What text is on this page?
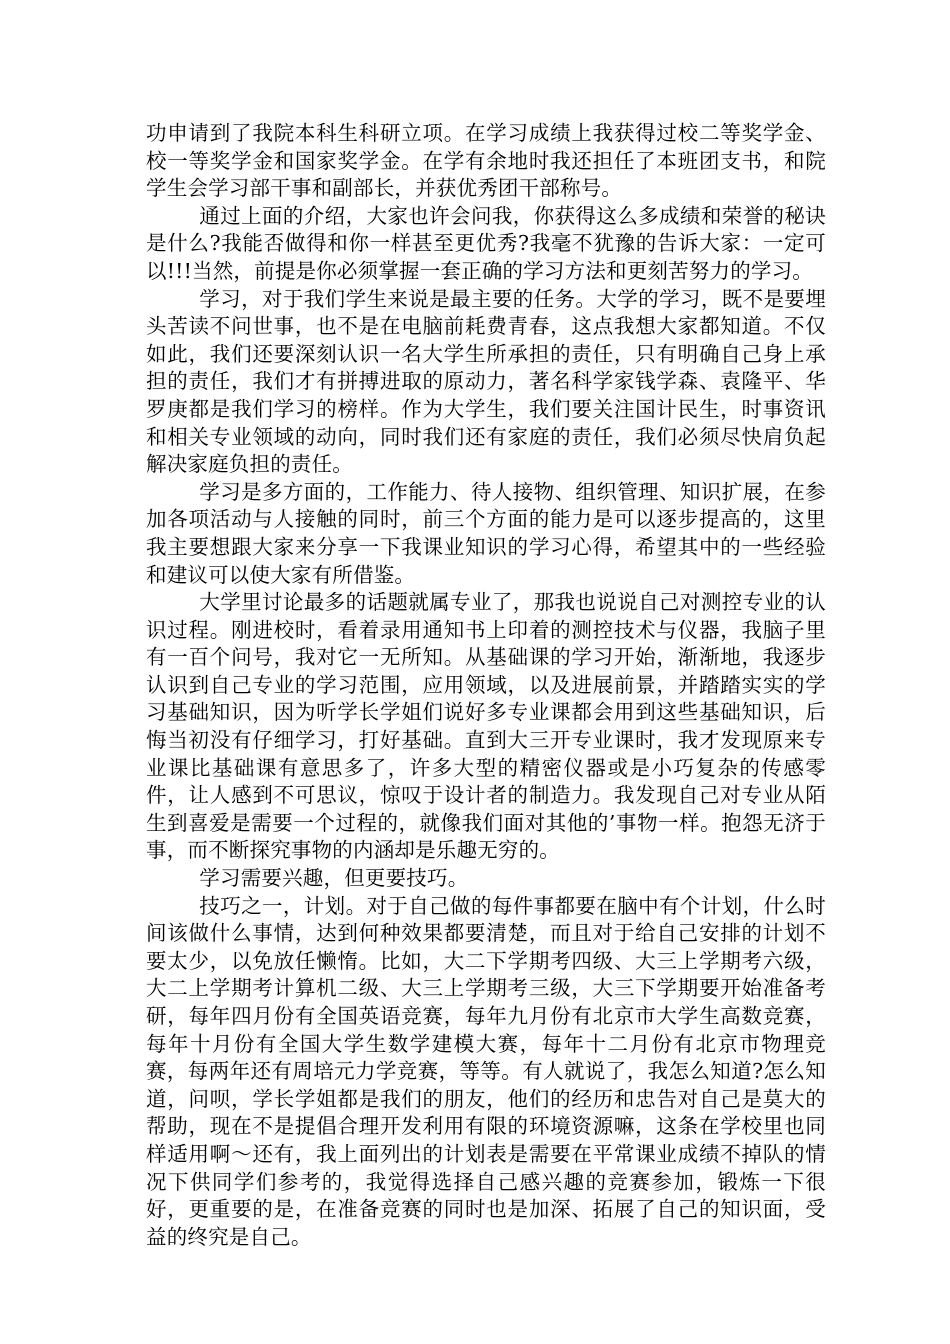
功申请到了我院本科生科研立项。在学习成绩上我获得过校二等奖学金、校一等奖学金和国家奖学金。在学有余地时我还担任了本班团支书，和院学生会学习部干事和副部长，并获优秀团干部称号。

通过上面的介绍，大家也许会问我，你获得这么多成绩和荣誉的秘诀是什么?我能否做得和你一样甚至更优秀?我毫不犹豫的告诉大家：一定可以!!!当然，前提是你必须掌握一套正确的学习方法和更刻苦努力的学习。

学习，对于我们学生来说是最主要的任务。大学的学习，既不是要埋头苦读不问世事，也不是在电脑前耗费青春，这点我想大家都知道。不仅如此，我们还要深刻认识一名大学生所承担的责任，只有明确自己身上承担的责任，我们才有拼搏进取的原动力，著名科学家钱学森、袁隆平、华罗庚都是我们学习的榜样。作为大学生，我们要关注国计民生，时事资讯和相关专业领域的动向，同时我们还有家庭的责任，我们必须尽快肩负起解决家庭负担的责任。

学习是多方面的，工作能力、待人接物、组织管理、知识扩展，在参加各项活动与人接触的同时，前三个方面的能力是可以逐步提高的，这里我主要想跟大家来分享一下我课业知识的学习心得，希望其中的一些经验和建议可以使大家有所借鉴。

大学里讨论最多的话题就属专业了，那我也说说自己对测控专业的认识过程。刚进校时，看着录用通知书上印着的测控技术与仪器，我脑子里有一百个问号，我对它一无所知。从基础课的学习开始，渐渐地，我逐步认识到自己专业的学习范围，应用领域，以及进展前景，并踏踏实实的学习基础知识，因为听学长学姐们说好多专业课都会用到这些基础知识，后悔当初没有仔细学习，打好基础。直到大三开专业课时，我才发现原来专业课比基础课有意思多了，许多大型的精密仪器或是小巧复杂的传感零件，让人感到不可思议，惊叹于设计者的制造力。我发现自己对专业从陌生到喜爱是需要一个过程的，就像我们面对其他的’事物一样。抱怨无济于事，而不断探究事物的内涵却是乐趣无穷的。

学习需要兴趣，但更要技巧。

技巧之一，计划。对于自己做的每件事都要在脑中有个计划，什么时间该做什么事情，达到何种效果都要清楚，而且对于给自己安排的计划不要太少，以免放任懒惰。比如，大二下学期考四级、大三上学期考六级，大二上学期考计算机二级、大三上学期考三级，大三下学期要开始准备考研，每年四月份有全国英语竞赛，每年九月份有北京市大学生高数竞赛，每年十月份有全国大学生数学建模大赛，每年十二月份有北京市物理竞赛，每两年还有周培元力学竞赛，等等。有人就说了，我怎么知道?怎么知道，问呗，学长学姐都是我们的朋友，他们的经历和忠告对自己是莫大的帮助，现在不是提倡合理开发利用有限的环境资源嘛，这条在学校里也同样适用啊～还有，我上面列出的计划表是需要在平常课业成绩不掉队的情况下供同学们参考的，我觉得选择自己感兴趣的竞赛参加，锻炼一下很好，更重要的是，在准备竞赛的同时也是加深、拓展了自己的知识面，受益的终究是自己。
